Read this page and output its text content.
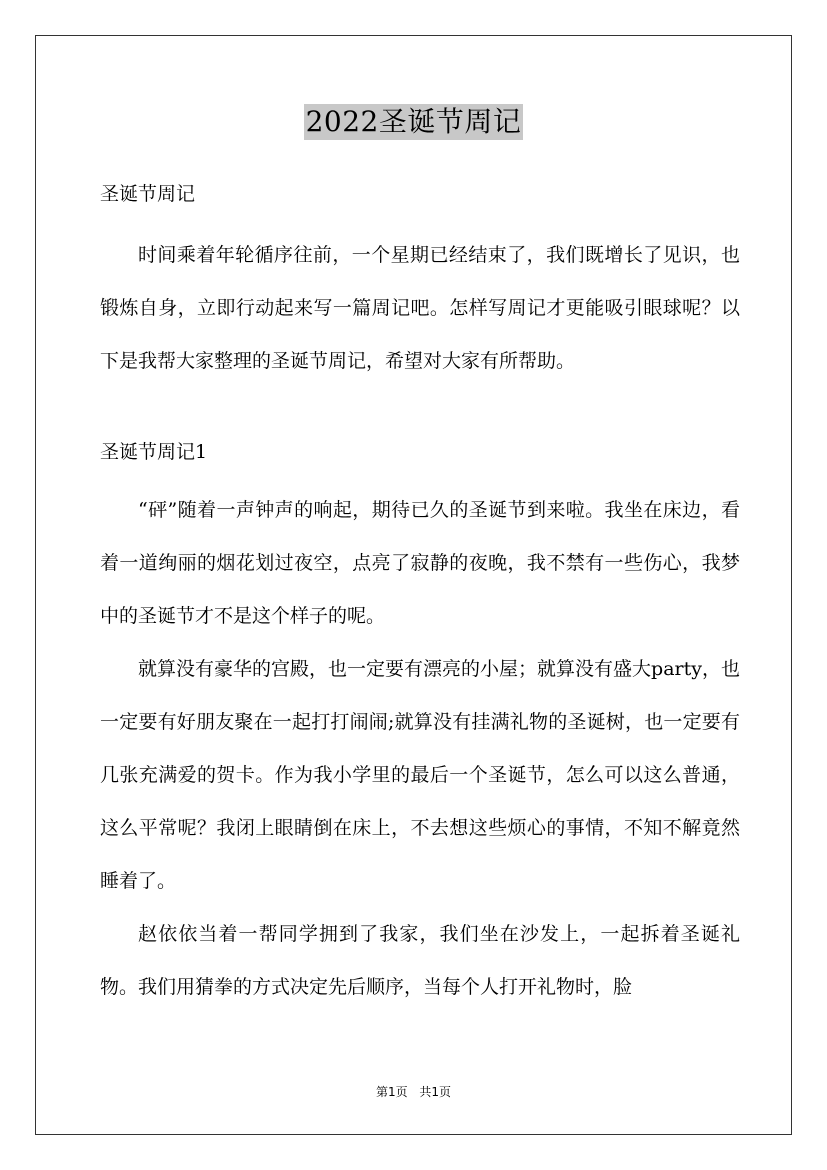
2022圣诞节周记

圣诞节周记

时间乘着年轮循序往前，一个星期已经结束了，我们既增长了见识，也锻炼自身，立即行动起来写一篇周记吧。怎样写周记才更能吸引眼球呢？以下是我帮大家整理的圣诞节周记，希望对大家有所帮助。

圣诞节周记1

“砰”随着一声钟声的响起，期待已久的圣诞节到来啦。我坐在床边，看着一道绚丽的烟花划过夜空，点亮了寂静的夜晚，我不禁有一些伤心，我梦中的圣诞节才不是这个样子的呢。

就算没有豪华的宫殿，也一定要有漂亮的小屋；就算没有盛大party，也一定要有好朋友聚在一起打打闹闹;就算没有挂满礼物的圣诞树，也一定要有几张充满爱的贺卡。作为我小学里的最后一个圣诞节，怎么可以这么普通，这么平常呢？我闭上眼睛倒在床上，不去想这些烦心的事情，不知不解竟然睡着了。

赵依依当着一帮同学拥到了我家，我们坐在沙发上，一起拆着圣诞礼物。我们用猜拳的方式决定先后顺序，当每个人打开礼物时，脸

第1页 共1页
